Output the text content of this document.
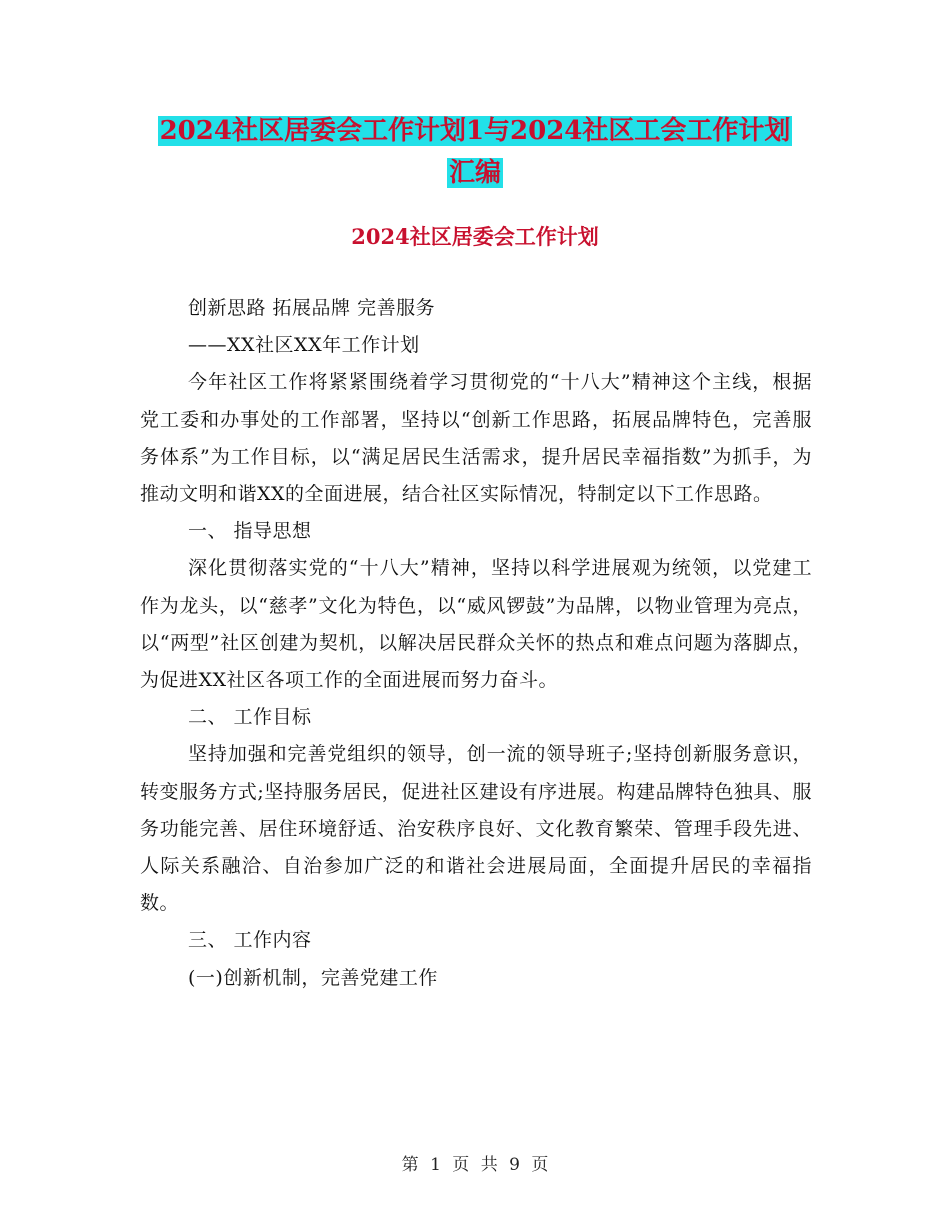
2024社区居委会工作计划1与2024社区工会工作计划
汇编
2024社区居委会工作计划

创新思路 拓展品牌 完善服务

——XX社区XX年工作计划

今年社区工作将紧紧围绕着学习贯彻党的“十八大”精神这个主线，根据党工委和办事处的工作部署，坚持以“创新工作思路，拓展品牌特色，完善服务体系”为工作目标，以“满足居民生活需求，提升居民幸福指数”为抓手，为推动文明和谐XX的全面进展，结合社区实际情况，特制定以下工作思路。

一、 指导思想

深化贯彻落实党的“十八大”精神，坚持以科学进展观为统领，以党建工作为龙头，以“慈孝”文化为特色，以“威风锣鼓”为品牌，以物业管理为亮点，以“两型”社区创建为契机，以解决居民群众关怀的热点和难点问题为落脚点，为促进XX社区各项工作的全面进展而努力奋斗。

二、 工作目标

坚持加强和完善党组织的领导，创一流的领导班子;坚持创新服务意识，转变服务方式;坚持服务居民，促进社区建设有序进展。构建品牌特色独具、服务功能完善、居住环境舒适、治安秩序良好、文化教育繁荣、管理手段先进、人际关系融洽、自治参加广泛的和谐社会进展局面，全面提升居民的幸福指数。

三、 工作内容

(一)创新机制，完善党建工作

第 1 页 共 9 页
